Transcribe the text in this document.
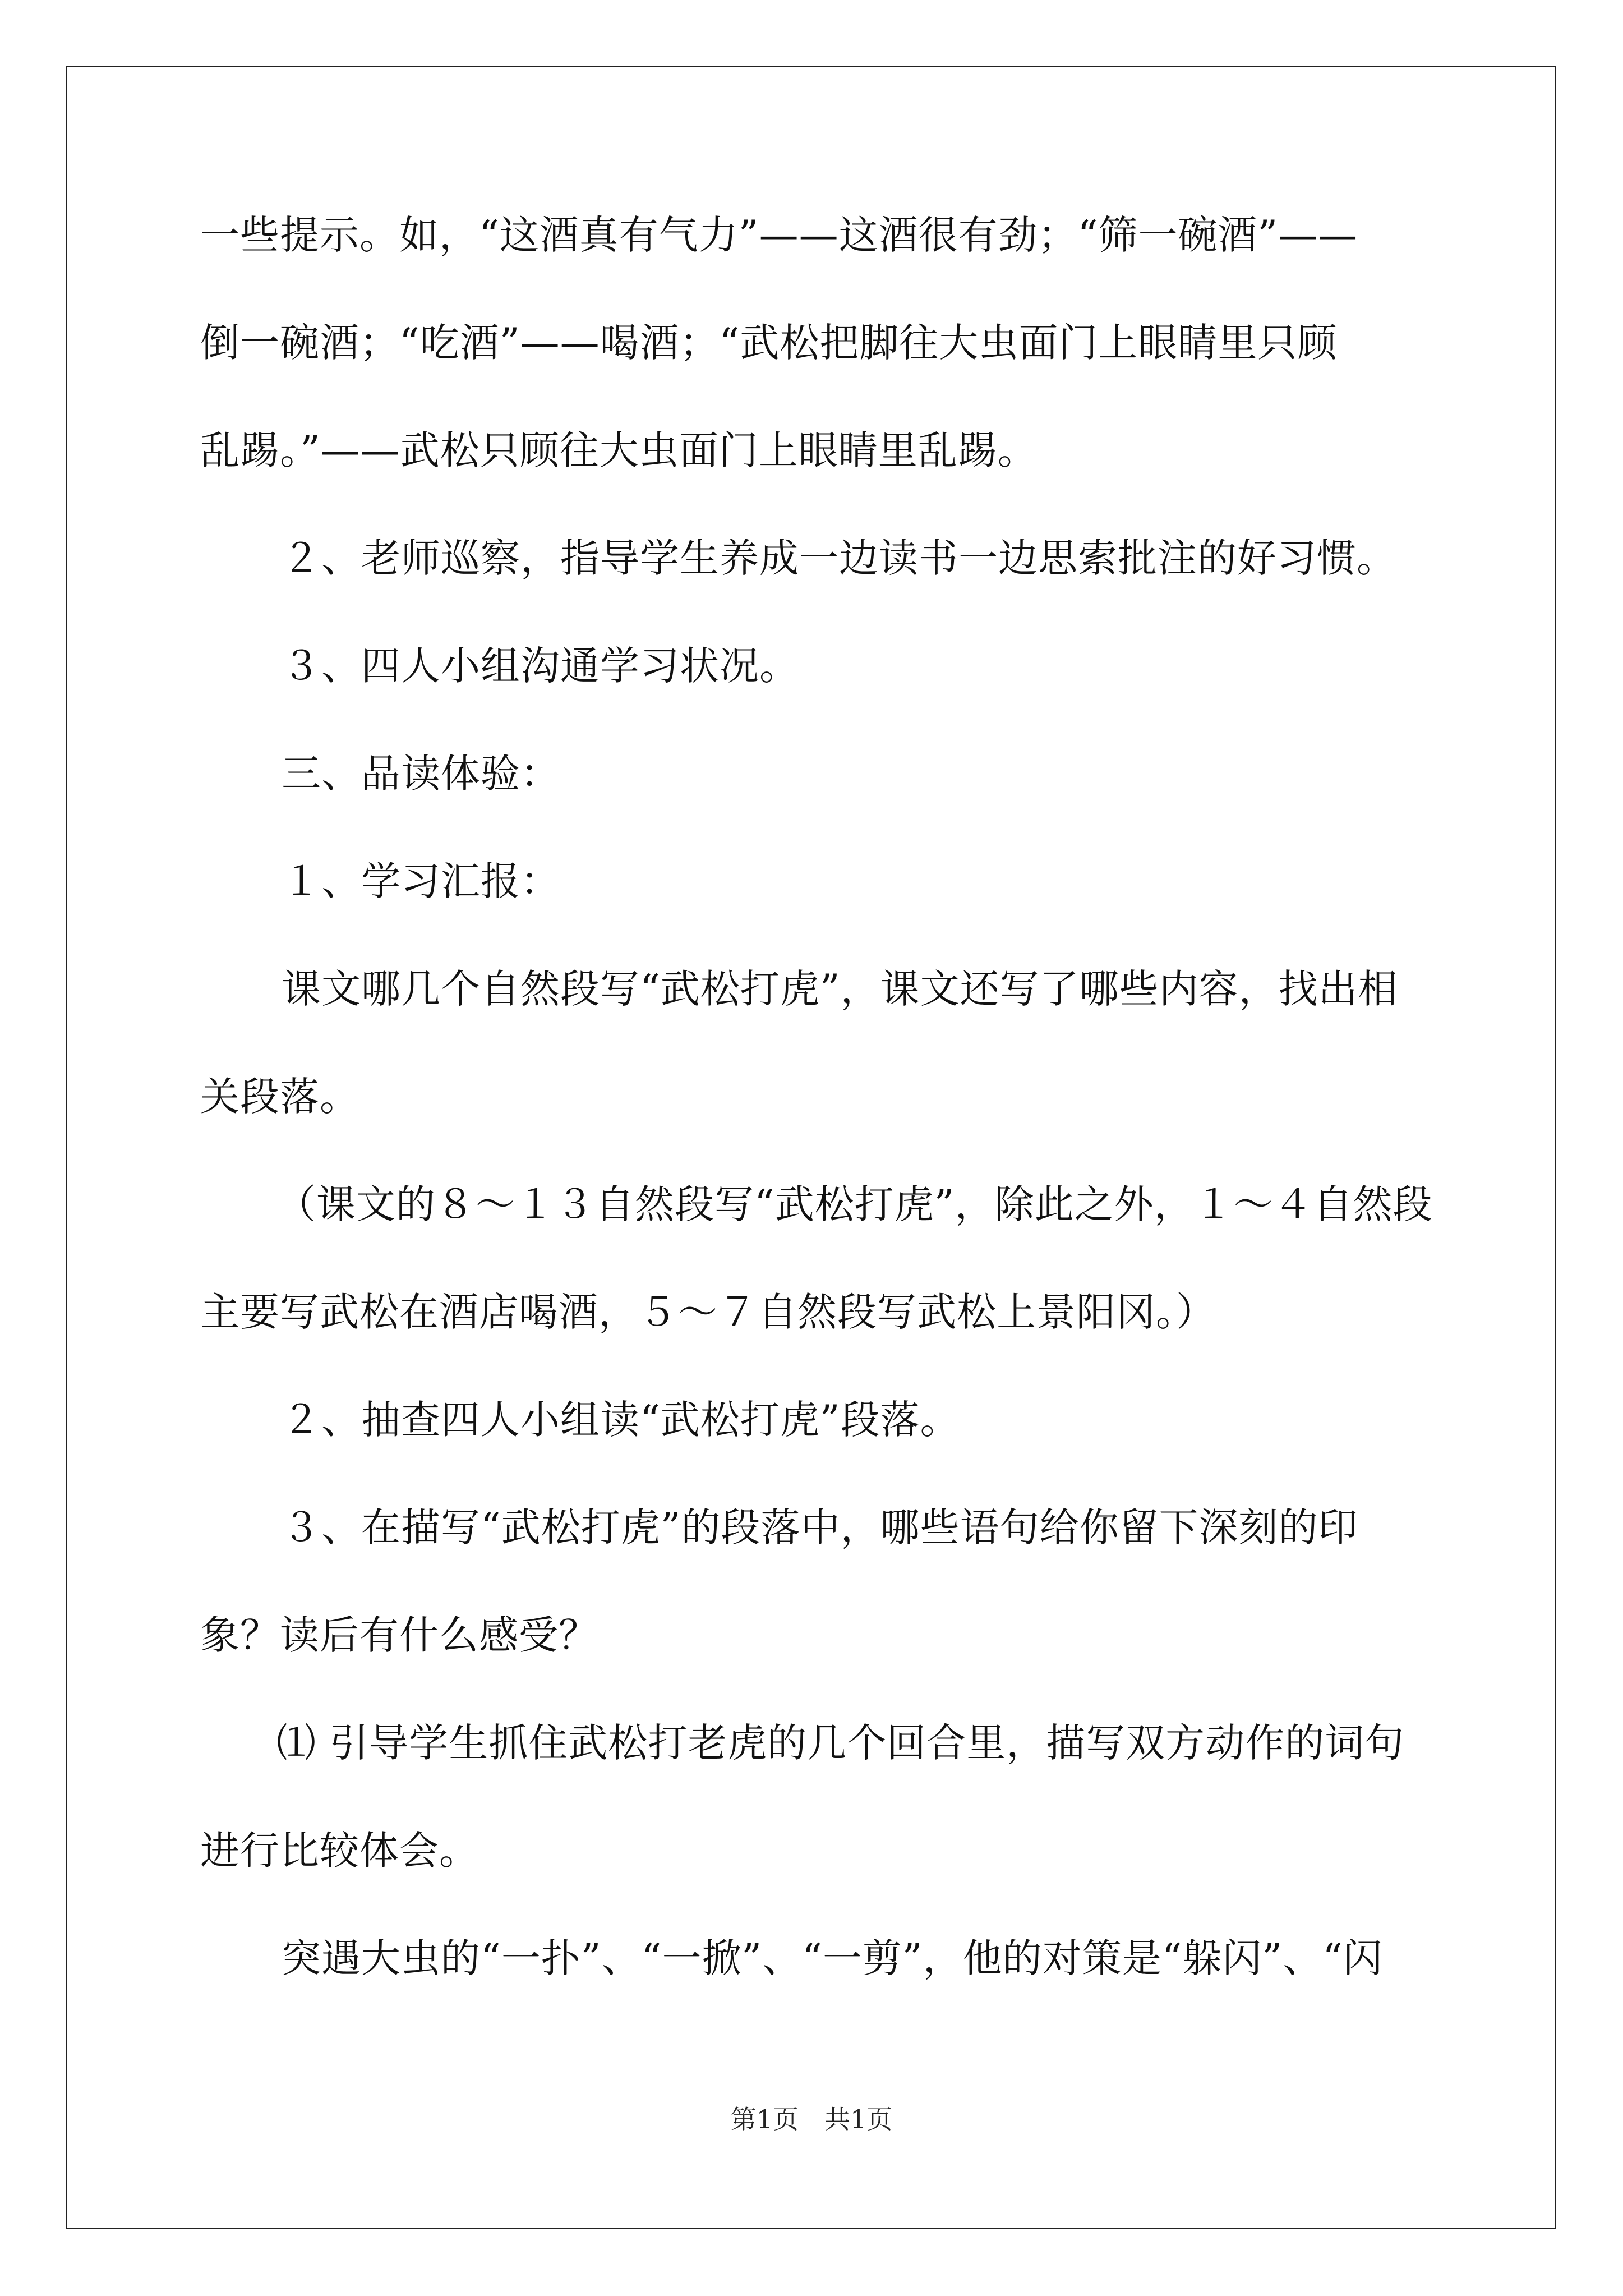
一些提示。如，“这酒真有气力”——这酒很有劲；“筛一碗酒”——
倒一碗酒；“吃酒”——喝酒；“武松把脚往大虫面门上眼睛里只顾
乱踢。”——武松只顾往大虫面门上眼睛里乱踢。
２、老师巡察，指导学生养成一边读书一边思索批注的好习惯。
３、四人小组沟通学习状况。
三、品读体验：
１、学习汇报：
课文哪几个自然段写“武松打虎”，课文还写了哪些内容，找出相
关段落。
（课文的８～１３自然段写“武松打虎”，除此之外，１～４自然段
主要写武松在酒店喝酒，５～７自然段写武松上景阳冈。）
２、抽查四人小组读“武松打虎”段落。
３、在描写“武松打虎”的段落中，哪些语句给你留下深刻的印
象？读后有什么感受？
⑴ 引导学生抓住武松打老虎的几个回合里，描写双方动作的词句
进行比较体会。
突遇大虫的“一扑”、“一掀”、“一剪”，他的对策是“躲闪”、“闪
第1页　共1页
